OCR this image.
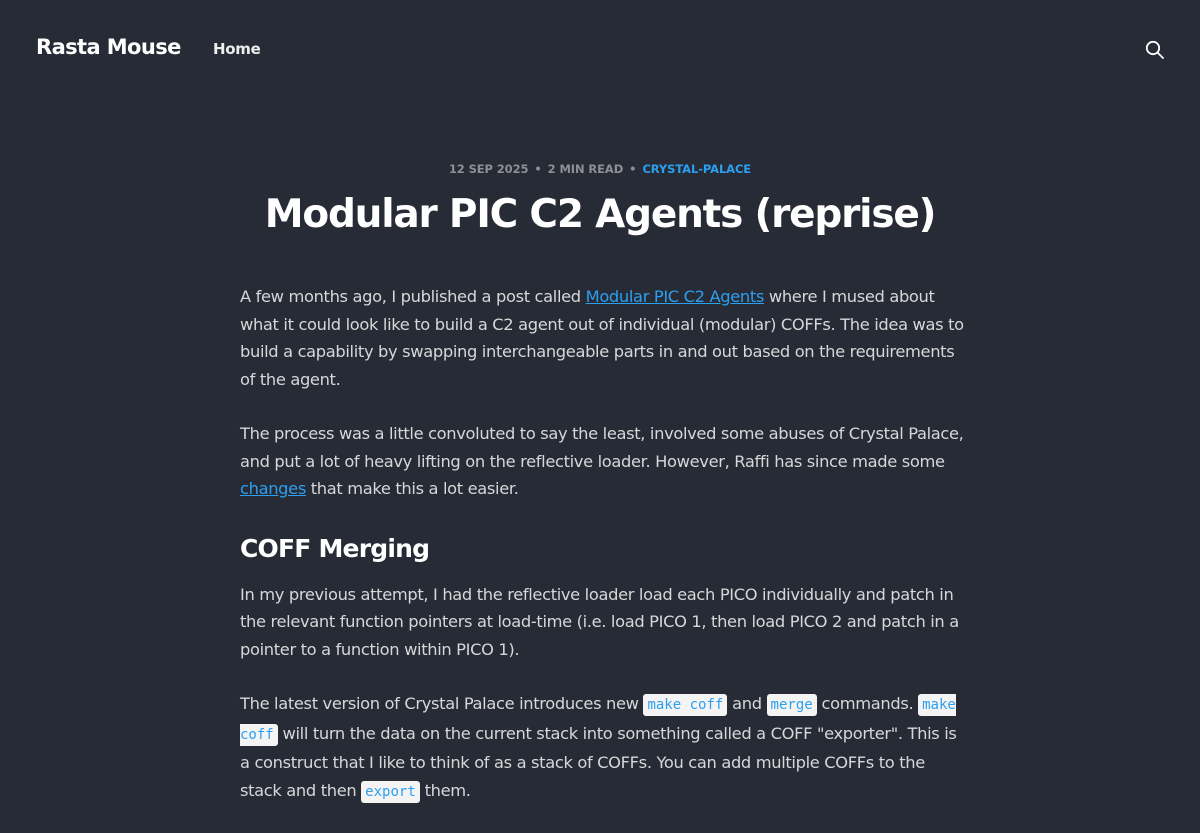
Rasta Mouse Home
12 SEP 2025 • 2 MIN READ • CRYSTAL-PALACE
Modular PIC C2 Agents (reprise)

A few months ago, I published a post called Modular PIC C2 Agents where I mused about what it could look like to build a C2 agent out of individual (modular) COFFs. The idea was to build a capability by swapping interchangeable parts in and out based on the requirements of the agent.

The process was a little convoluted to say the least, involved some abuses of Crystal Palace, and put a lot of heavy lifting on the reflective loader. However, Raffi has since made some changes that make this a lot easier.

COFF Merging

In my previous attempt, I had the reflective loader load each PICO individually and patch in the relevant function pointers at load-time (i.e. load PICO 1, then load PICO 2 and patch in a pointer to a function within PICO 1).

The latest version of Crystal Palace introduces new make coff and merge commands. make coff will turn the data on the current stack into something called a COFF "exporter". This is a construct that I like to think of as a stack of COFFs. You can add multiple COFFs to the stack and then export them.
